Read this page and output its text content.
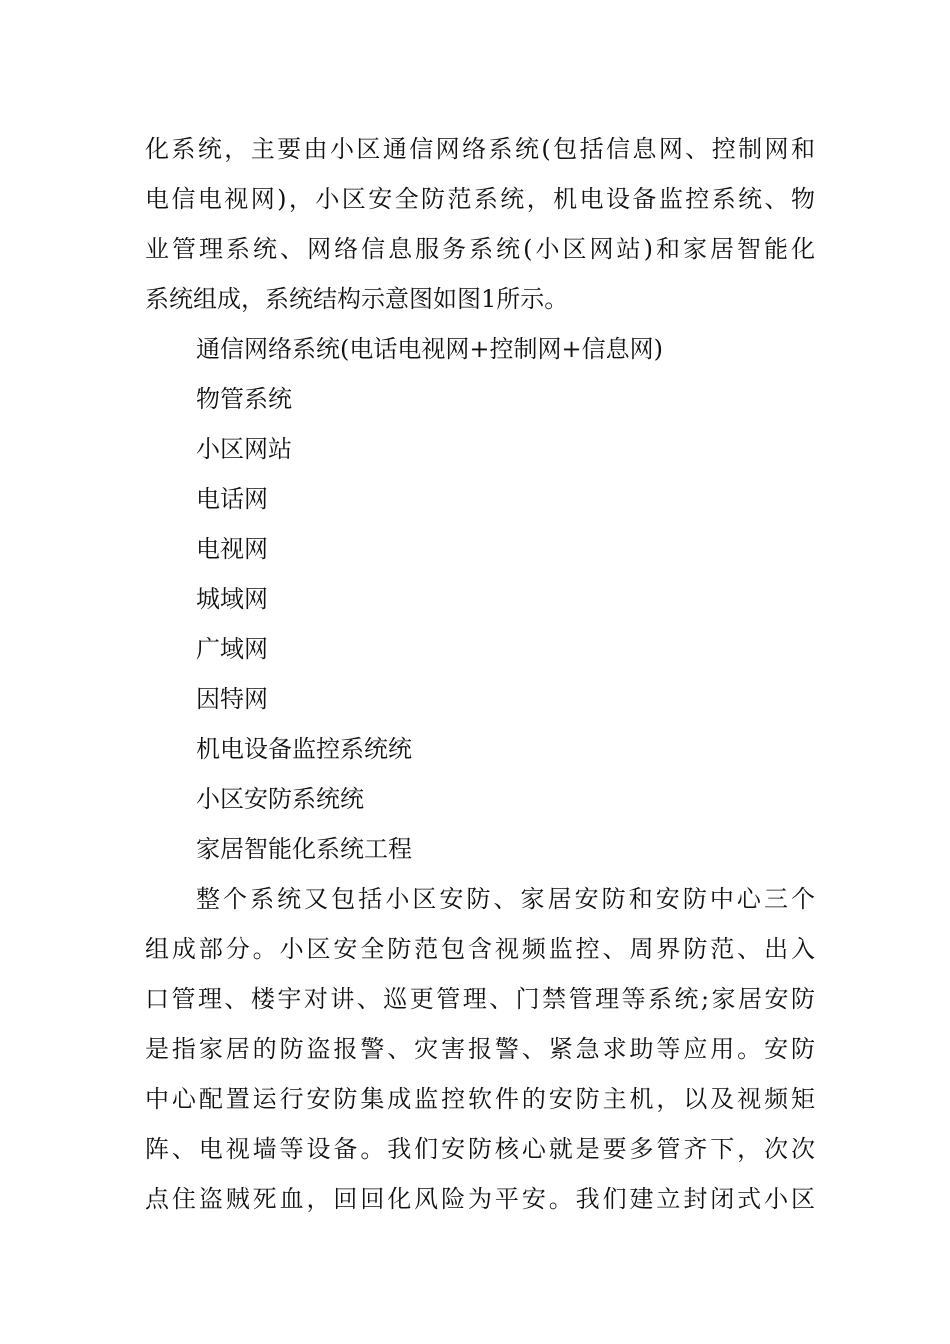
化系统，主要由小区通信网络系统(包括信息网、控制网和
电信电视网)，小区安全防范系统，机电设备监控系统、物
业管理系统、网络信息服务系统(小区网站)和家居智能化
系统组成，系统结构示意图如图1所示。
通信网络系统(电话电视网+控制网+信息网)
物管系统
小区网站
电话网
电视网
城域网
广域网
因特网
机电设备监控系统统
小区安防系统统
家居智能化系统工程
整个系统又包括小区安防、家居安防和安防中心三个
组成部分。小区安全防范包含视频监控、周界防范、出入
口管理、楼宇对讲、巡更管理、门禁管理等系统;家居安防
是指家居的防盗报警、灾害报警、紧急求助等应用。安防
中心配置运行安防集成监控软件的安防主机，以及视频矩
阵、电视墙等设备。我们安防核心就是要多管齐下，次次
点住盗贼死血，回回化风险为平安。我们建立封闭式小区
